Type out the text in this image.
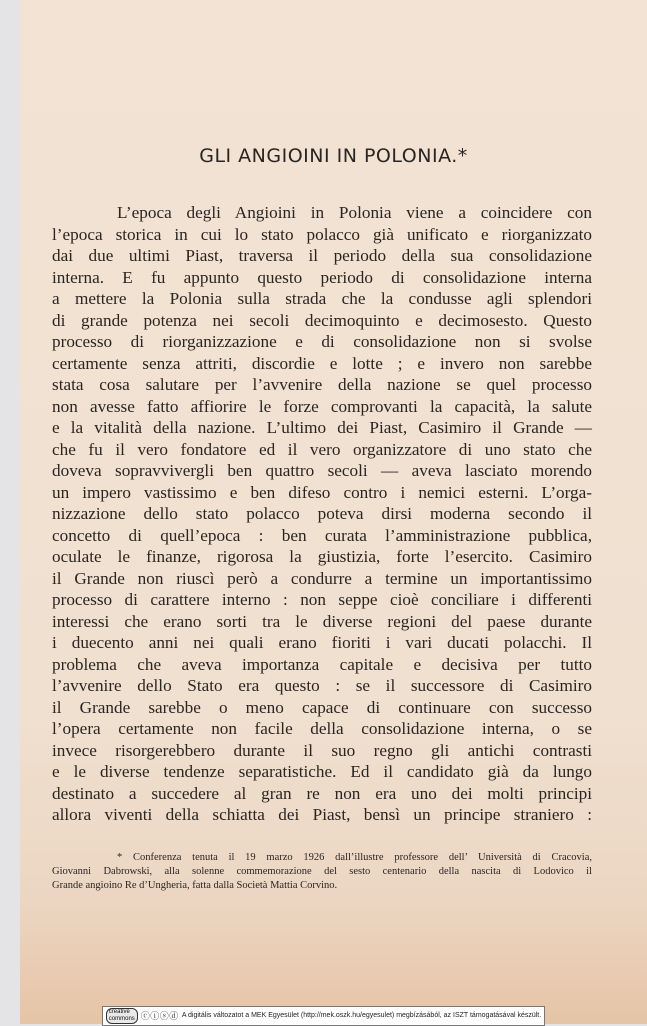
GLI ANGIOINI IN POLONIA.*
L’epoca degli Angioini in Polonia viene a coincidere con
l’epoca storica in cui lo stato polacco già unificato e riorganizzato
dai due ultimi Piast, traversa il periodo della sua consolidazione
interna. E fu appunto questo periodo di consolidazione interna
a mettere la Polonia sulla strada che la condusse agli splendori
di grande potenza nei secoli decimoquinto e decimosesto. Questo
processo di riorganizzazione e di consolidazione non si svolse
certamente senza attriti, discordie e lotte ; e invero non sarebbe
stata cosa salutare per l’avvenire della nazione se quel processo
non avesse fatto affiorire le forze comprovanti la capacità, la salute
e la vitalità della nazione. L’ultimo dei Piast, Casimiro il Grande —
che fu il vero fondatore ed il vero organizzatore di uno stato che
doveva sopravvivergli ben quattro secoli — aveva lasciato morendo
un impero vastissimo e ben difeso contro i nemici esterni. L’orga-
nizzazione dello stato polacco poteva dirsi moderna secondo il
concetto di quell’epoca : ben curata l’amministrazione pubblica,
oculate le finanze, rigorosa la giustizia, forte l’esercito. Casimiro
il Grande non riuscì però a condurre a termine un importantissimo
processo di carattere interno : non seppe cioè conciliare i differenti
interessi che erano sorti tra le diverse regioni del paese durante
i duecento anni nei quali erano fioriti i vari ducati polacchi. Il
problema che aveva importanza capitale e decisiva per tutto
l’avvenire dello Stato era questo : se il successore di Casimiro
il Grande sarebbe o meno capace di continuare con successo
l’opera certamente non facile della consolidazione interna, o se
invece risorgerebbero durante il suo regno gli antichi contrasti
e le diverse tendenze separatistiche. Ed il candidato già da lungo
destinato a succedere al gran re non era uno dei molti principi
allora viventi della schiatta dei Piast, bensì un principe straniero :
* Conferenza tenuta il 19 marzo 1926 dall’illustre professore dell’ Università di Cracovia,
Giovanni Dabrowski, alla solenne commemorazione del sesto centenario della nascita di Lodovico il
Grande angioino Re d’Ungheria, fatta dalla Società Mattia Corvino.
creative
commons ⓒⓘⓢⓓ A digitális változatot a MEK Egyesület (http://mek.oszk.hu/egyesulet) megbízásából, az ISZT támogatásával készült.
